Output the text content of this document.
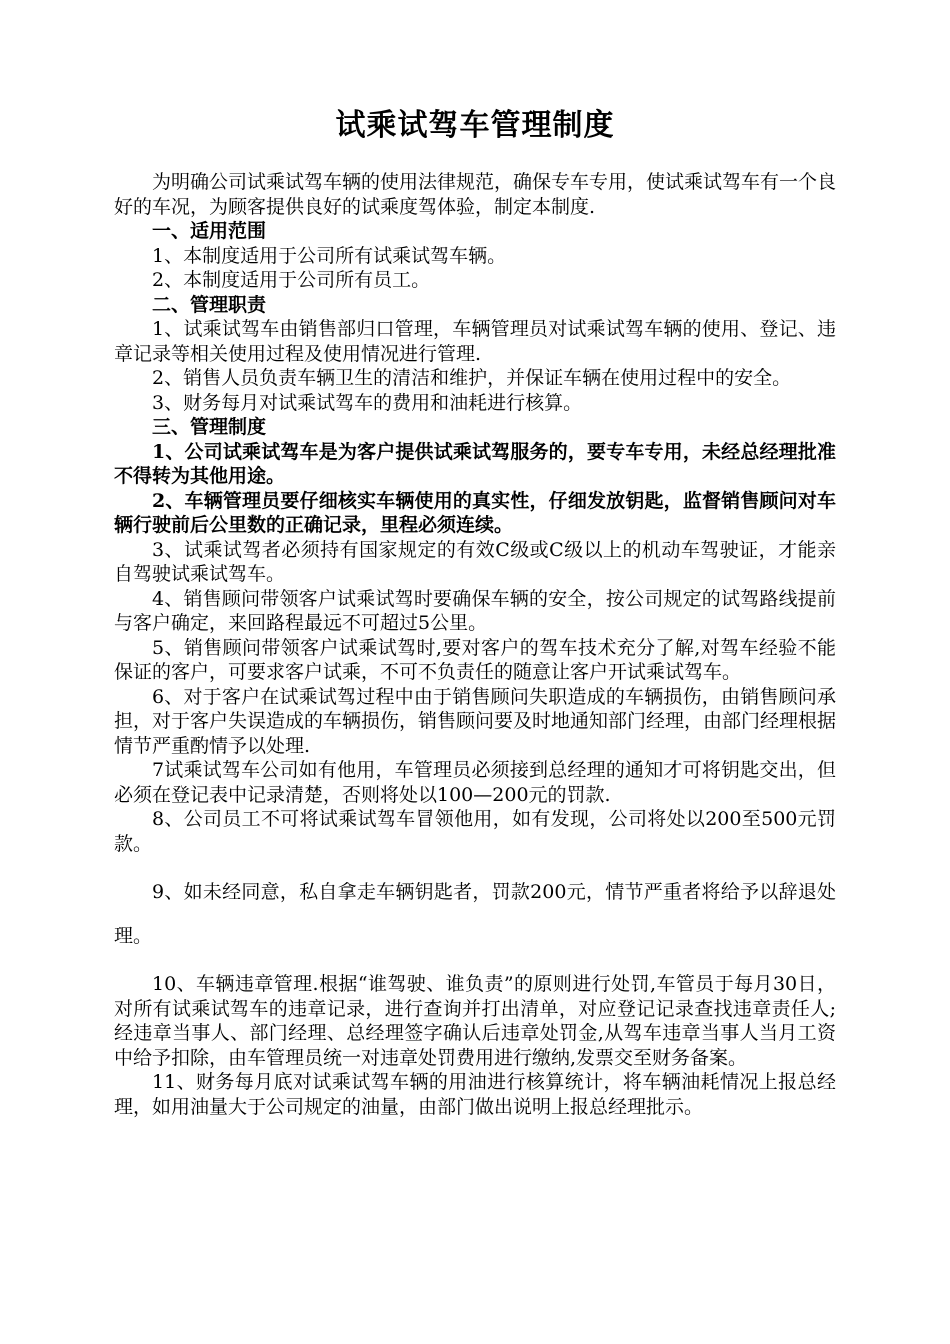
试乘试驾车管理制度

为明确公司试乘试驾车辆的使用法律规范，确保专车专用，使试乘试驾车有一个良好的车况，为顾客提供良好的试乘度驾体验，制定本制度.

一、适用范围

1、本制度适用于公司所有试乘试驾车辆。

2、本制度适用于公司所有员工。

二、管理职责

1、试乘试驾车由销售部归口管理，车辆管理员对试乘试驾车辆的使用、登记、违章记录等相关使用过程及使用情况进行管理.

2、销售人员负责车辆卫生的清洁和维护，并保证车辆在使用过程中的安全。

3、财务每月对试乘试驾车的费用和油耗进行核算。

三、管理制度

1、公司试乘试驾车是为客户提供试乘试驾服务的，要专车专用，未经总经理批准不得转为其他用途。

2、车辆管理员要仔细核实车辆使用的真实性，仔细发放钥匙，监督销售顾问对车辆行驶前后公里数的正确记录，里程必须连续。

3、试乘试驾者必须持有国家规定的有效C级或C级以上的机动车驾驶证，才能亲自驾驶试乘试驾车。

4、销售顾问带领客户试乘试驾时要确保车辆的安全，按公司规定的试驾路线提前与客户确定，来回路程最远不可超过5公里。

5、销售顾问带领客户试乘试驾时,要对客户的驾车技术充分了解,对驾车经验不能保证的客户，可要求客户试乘，不可不负责任的随意让客户开试乘试驾车。

6、对于客户在试乘试驾过程中由于销售顾问失职造成的车辆损伤，由销售顾问承担，对于客户失误造成的车辆损伤，销售顾问要及时地通知部门经理，由部门经理根据情节严重酌情予以处理.

7试乘试驾车公司如有他用，车管理员必须接到总经理的通知才可将钥匙交出，但必须在登记表中记录清楚，否则将处以100—200元的罚款.

8、公司员工不可将试乘试驾车冒领他用，如有发现，公司将处以200至500元罚款。

9、如未经同意，私自拿走车辆钥匙者，罚款200元，情节严重者将给予以辞退处理。

10、车辆违章管理.根据“谁驾驶、谁负责”的原则进行处罚,车管员于每月30日，对所有试乘试驾车的违章记录，进行查询并打出清单，对应登记记录查找违章责任人;经违章当事人、部门经理、总经理签字确认后违章处罚金,从驾车违章当事人当月工资中给予扣除，由车管理员统一对违章处罚费用进行缴纳,发票交至财务备案。

11、财务每月底对试乘试驾车辆的用油进行核算统计，将车辆油耗情况上报总经理，如用油量大于公司规定的油量，由部门做出说明上报总经理批示。
